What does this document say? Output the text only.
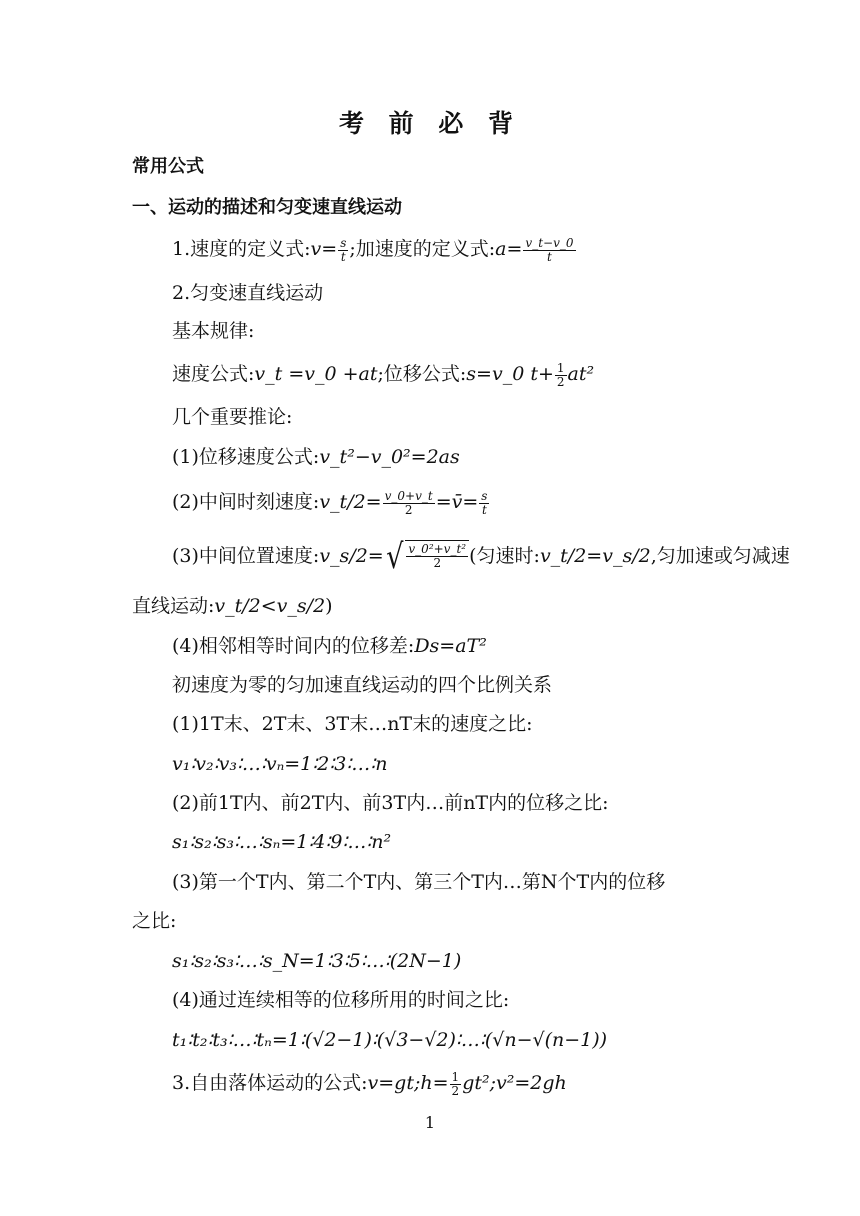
考 前 必 背
常用公式
一、运动的描述和匀变速直线运动
1.速度的定义式:v= $\frac{s}{t}$ ;加速度的定义式:a= $\frac{v\_t-v\_0}{t}$
2.匀变速直线运动
基本规律:
速度公式:v_t =v_0 +at;位移公式:s=v_0 $t+ \frac{1}{2} at^2$
几个重要推论:
(1)位移速度公式:v_t²−v_0²=2as
(2)中间时刻速度:v_t/2= $\frac{v\_0+v\_t}{2}$ =v̄= $\frac{s}{t}$
(3)中间位置速度:v_s/2= √ $\frac{\text{v\_0²+v\_t²}}{2}$ (匀速时:v_t/2=v_s/2,匀加速或匀减速
直线运动:v_t/2<v_s/2)
(4)相邻相等时间内的位移差:Ds=aT²
初速度为零的匀加速直线运动的四个比例关系
(1)1T末、2T末、3T末…nT末的速度之比:
v₁∶v₂∶v₃∶…∶vₙ=1∶2∶3∶…∶n
(2)前1T内、前2T内、前3T内…前nT内的位移之比:
s₁∶s₂∶s₃∶…∶sₙ=1∶4∶9∶…∶n²
(3)第一个T内、第二个T内、第三个T内…第N个T内的位移
之比:
s₁∶s₂∶s₃∶…∶s_N=1∶3∶5∶…∶(2N−1)
(4)通过连续相等的位移所用的时间之比:
t₁∶t₂∶t₃∶…∶tₙ=1∶(√2−1)∶(√3−√2)∶…∶(√n−√(n−1))
3.自由落体运动的公式:v=gt;h= $\frac{1}{2}$ gt²;v²=2gh
1
